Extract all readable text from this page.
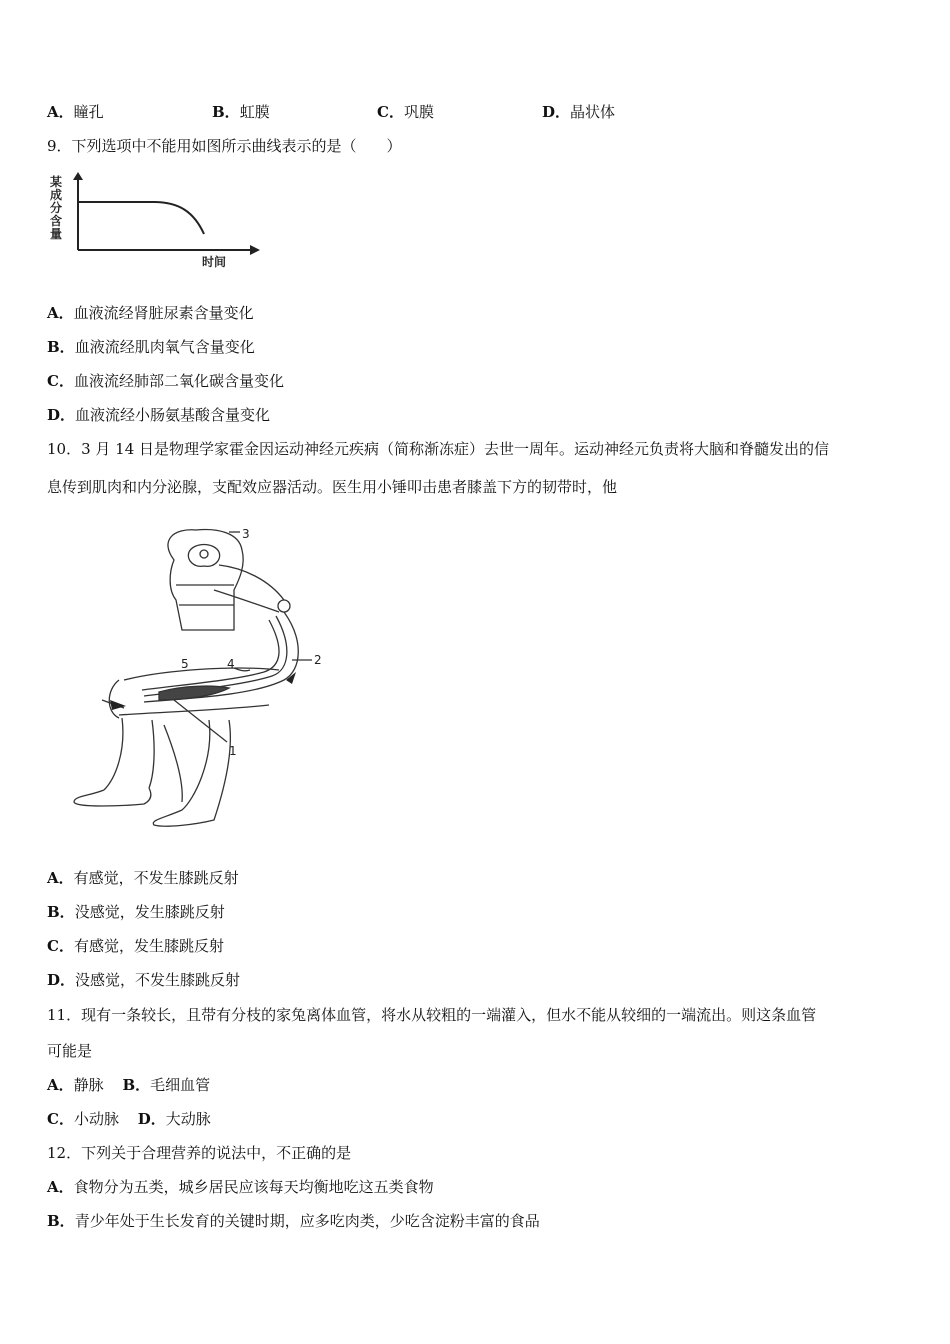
A．瞳孔	B．虹膜	C．巩膜	D．晶状体
9．下列选项中不能用如图所示曲线表示的是（　　）
某
成
分
含
量
时间
A．血液流经肾脏尿素含量变化
B．血液流经肌肉氧气含量变化
C．血液流经肺部二氧化碳含量变化
D．血液流经小肠氨基酸含量变化
10．3 月 14 日是物理学家霍金因运动神经元疾病（简称渐冻症）去世一周年。运动神经元负责将大脑和脊髓发出的信
息传到肌肉和内分泌腺，支配效应器活动。医生用小锤叩击患者膝盖下方的韧带时，他
1
2
3
4
5
A．有感觉，不发生膝跳反射
B．没感觉，发生膝跳反射
C．有感觉，发生膝跳反射
D．没感觉，不发生膝跳反射
11．现有一条较长，且带有分枝的家兔离体血管，将水从较粗的一端灌入，但水不能从较细的一端流出。则这条血管
可能是
A．静脉 B．毛细血管
C．小动脉 D．大动脉
12．下列关于合理营养的说法中，不正确的是
A．食物分为五类，城乡居民应该每天均衡地吃这五类食物
B．青少年处于生长发育的关键时期，应多吃肉类，少吃含淀粉丰富的食品
